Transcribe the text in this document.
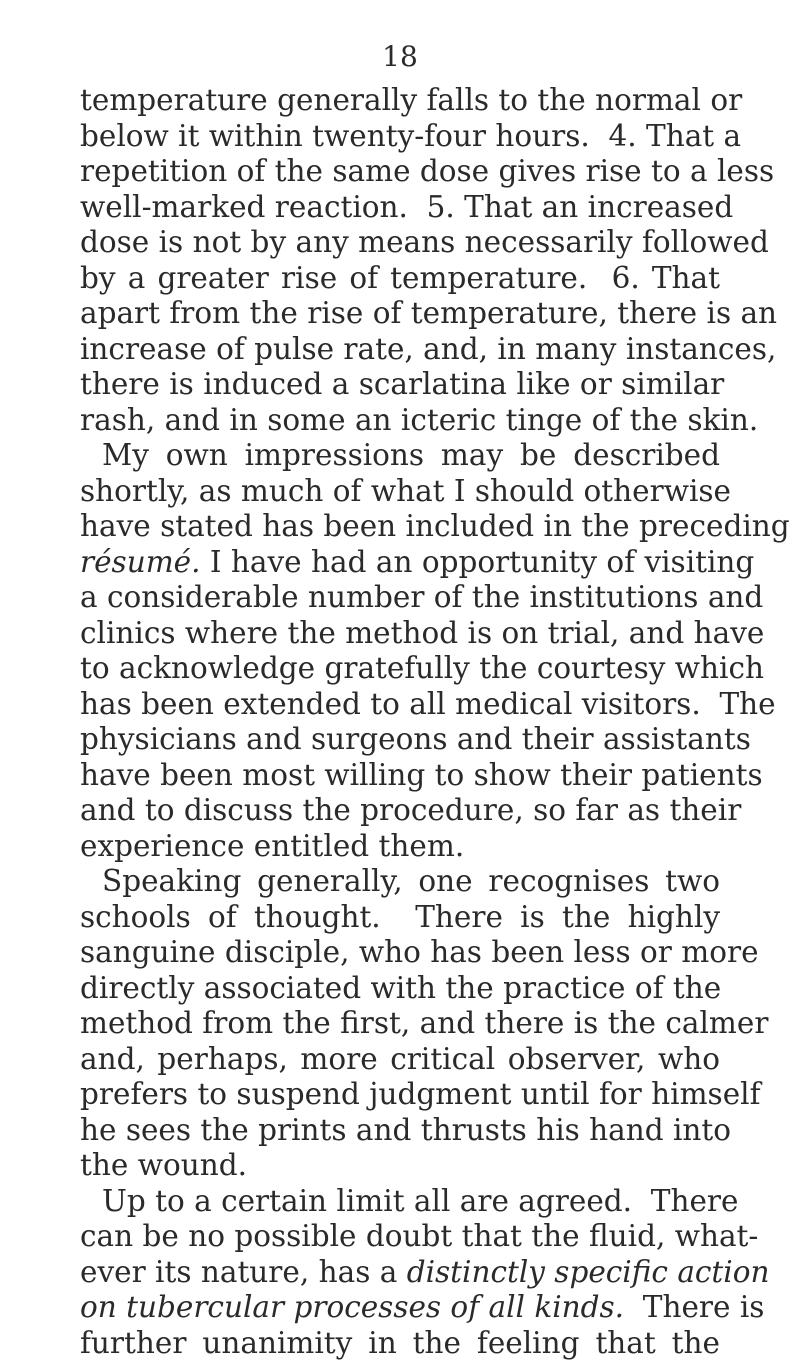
18
temperature generally falls to the normal or
below it within twenty-four hours.  4. That a
repetition of the same dose gives rise to a less
well-marked reaction.  5. That an increased
dose is not by any means necessarily followed
by a greater rise of temperature.  6. That
apart from the rise of temperature, there is an
increase of pulse rate, and, in many instances,
there is induced a scarlatina like or similar
rash, and in some an icteric tinge of the skin.
My own impressions may be described
shortly, as much of what I should otherwise
have stated has been included in the preceding
résumé. I have had an opportunity of visiting
a considerable number of the institutions and
clinics where the method is on trial, and have
to acknowledge gratefully the courtesy which
has been extended to all medical visitors.  The
physicians and surgeons and their assistants
have been most willing to show their patients
and to discuss the procedure, so far as their
experience entitled them.
Speaking generally, one recognises two
schools of thought.  There is the highly
sanguine disciple, who has been less or more
directly associated with the practice of the
method from the first, and there is the calmer
and, perhaps, more critical observer, who
prefers to suspend judgment until for himself
he sees the prints and thrusts his hand into
the wound.
Up to a certain limit all are agreed.  There
can be no possible doubt that the fluid, what-
ever its nature, has a distinctly specific action
on tubercular processes of all kinds.  There is
further unanimity in the feeling that the
